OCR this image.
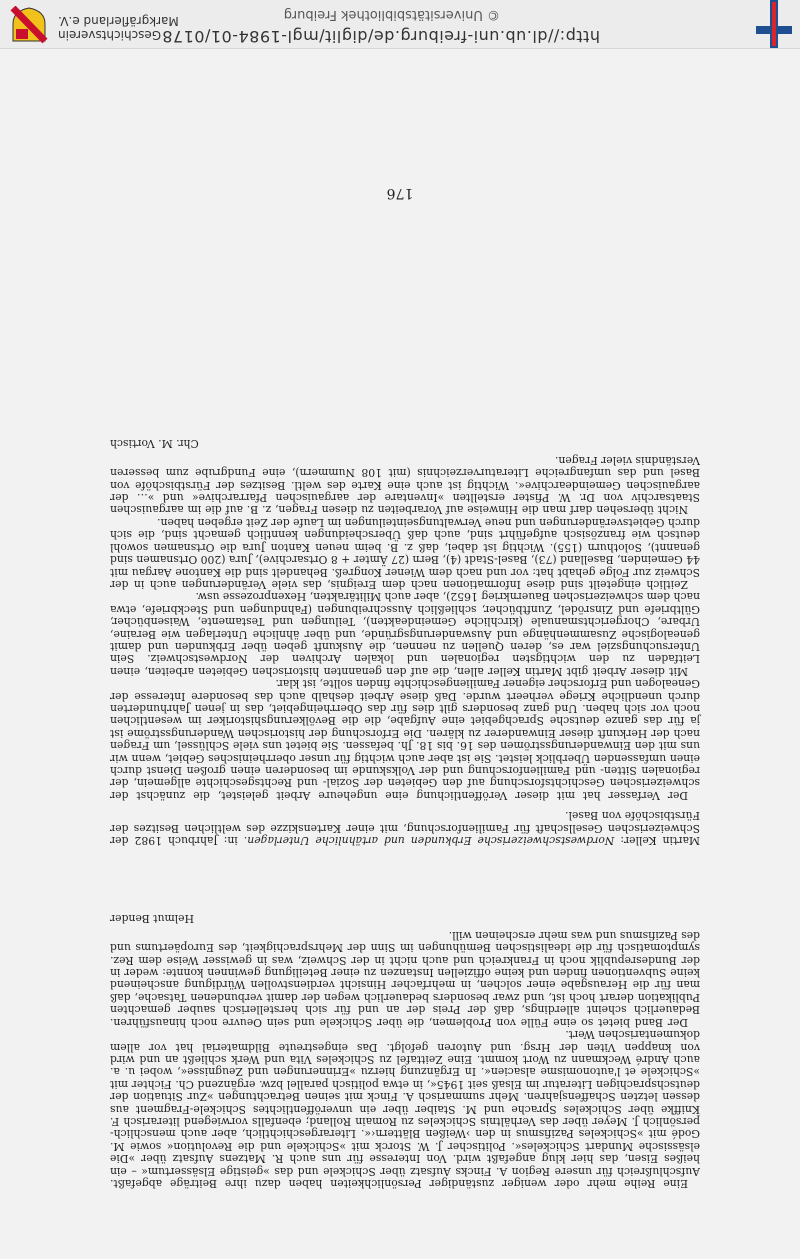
Eine Reihe mehr oder weniger zuständiger Persönlichkeiten haben dazu ihre Beiträge abgefaßt. Aufschlußreich für unsere Region A. Fincks Aufsatz über Schickele und das »geistige Elsässertum« – ein heißes Eisen, das hier klug angefaßt wird. Von Interesse für uns auch R. Matzens Aufsatz über »Die elsässische Mundart Schickeles«. Politischer J. W. Storck mit »Schickele und die Revolution« sowie M. Godé mit »Schickeles Pazifismus in den ›Weißen Blättern‹«. Literargeschichtlich, aber auch menschlich-persönlich J. Meyer über das Verhältnis Schickeles zu Romain Rolland; ebenfalls vorwiegend literarisch F. Kniffke über Schickeles Sprache und M. Staiber über ein unveröffentlichtes Schickele-Fragment aus dessen letzten Schaffensjahren. Mehr summarisch A. Finck mit seinen Betrachtungen »Zur Situation der deutschsprachigen Literatur im Elsaß seit 1945«, in etwa politisch parallel bzw. ergänzend Ch. Fichter mit »Schickele et l'autonomisme alsacien«. In Ergänzung hierzu »Erinnerungen und Zeugnisse«, wobei u. a. auch André Weckmann zu Wort kommt. Eine Zeittafel zu Schickeles Vita und Werk schließt an und wird von knappen Viten der Hrsg. und Autoren gefolgt. Das eingestreute Bildmaterial hat vor allem dokumentarischen Wert.

Der Band bietet so eine Fülle von Problemen, die über Schickele und sein Oeuvre noch hinausführen. Bedauerlich scheint allerdings, daß der Preis der an und für sich herstellerisch sauber gemachten Publikation derart hoch ist, und zwar besonders bedauerlich wegen der damit verbundenen Tatsache, daß man für die Herausgabe einer solchen, in mehrfacher Hinsicht verdienstvollen Würdigung anscheinend keine Subventionen finden und keine offiziellen Instanzen zu einer Beteiligung gewinnen konnte: weder in der Bundesrepublik noch in Frankreich und auch nicht in der Schweiz, was in gewisser Weise dem Rez. symptomatisch für die idealistischen Bemühungen im Sinn der Mehrsprachigkeit, des Europäertums und des Pazifismus und was mehr erscheinen will.

Helmut Bender

Martin Keller: Nordwestschweizerische Erbkunden und artähnliche Unterlagen. in: Jahrbuch 1982 der Schweizerischen Gesellschaft für Familienforschung, mit einer Kartenskizze des weltlichen Besitzes der Fürstbischöfe von Basel.

Der Verfasser hat mit dieser Veröffentlichung eine ungeheure Arbeit geleistet, die zunächst der schweizerischen Geschichtsforschung auf den Gebieten der Sozial- und Rechtsgeschichte allgemein, der regionalen Sitten- und Familienforschung und der Volkskunde im besonderen einen großen Dienst durch einen umfassenden Überblick leistet. Sie ist aber auch wichtig für unser oberrheinisches Gebiet, wenn wir uns mit den Einwanderungsströmen des 16. bis 18. Jh. befassen. Sie bietet uns viele Schlüssel, um Fragen nach der Herkunft dieser Einwanderer zu klären. Die Erforschung der historischen Wanderungsströme ist ja für das ganze deutsche Sprachgebiet eine Aufgabe, die die Bevölkerungshistoriker im wesentlichen noch vor sich haben. Und ganz besonders gilt dies für das Oberrheingebiet, das in jenen Jahrhunderten durch unendliche Kriege verheert wurde. Daß diese Arbeit deshalb auch das besondere Interesse der Genealogen und Erforscher eigener Familiengeschichte finden sollte, ist klar.

Mit dieser Arbeit gibt Martin Keller allen, die auf den genannten historischen Gebieten arbeiten, einen Leitfaden zu den wichtigsten regionalen und lokalen Archiven der Nordwestschweiz. Sein Untersuchungsziel war es, deren Quellen zu nennen, die Auskunft geben über Erbkunden und damit genealogische Zusammenhänge und Auswanderungsgründe, und über ähnliche Unterlagen wie Beraine, Urbare, Chorgerichtsmanuale (kirchliche Gemeindeakten), Teilungen und Testamente, Waisenbücher, Gültbriefe und Zinsrödel, Zunftbücher, schließlich Ausschreibungen (Fahndungen und Steckbriefe, etwa nach dem schweizerischen Bauernkrieg 1652), aber auch Militärakten, Hexenprozesse usw.

Zeitlich eingeteilt sind diese Informationen nach dem Ereignis, das viele Veränderungen auch in der Schweiz zur Folge gehabt hat: vor und nach dem Wiener Kongreß. Behandelt sind die Kantone Aargau mit 44 Gemeinden, Baselland (73), Basel-Stadt (4), Bern (27 Ämter + 8 Ortsarchive), Jura (200 Ortsnamen sind genannt), Solothurn (155). Wichtig ist dabei, daß z. B. beim neuen Kanton Jura die Ortsnamen sowohl deutsch wie französisch aufgeführt sind, auch daß Überscheidungen kenntlich gemacht sind, die sich durch Gebietsveränderungen und neue Verwaltungseinteilungen im Laufe der Zeit ergeben haben.

Nicht übersehen darf man die Hinweise auf Vorarbeiten zu diesen Fragen, z. B. auf die im aargauischen Staatsarchiv von Dr. W. Pfister erstellten »Inventare der aargauischen Pfarrarchive« und »… der aargauischen Gemeindearchive«. Wichtig ist auch eine Karte des weltl. Besitzes der Fürstbischöfe von Basel und das umfangreiche Literaturverzeichnis (mit 108 Nummern), eine Fundgrube zum besseren Verständnis vieler Fragen.

Chr. M. Vortisch

176
http://dl.ub.uni-freiburg.de/diglit/mgl-1984-01/0178
© Universitätsbibliothek Freiburg
Geschichtsverein
Markgräflerland e.V.
